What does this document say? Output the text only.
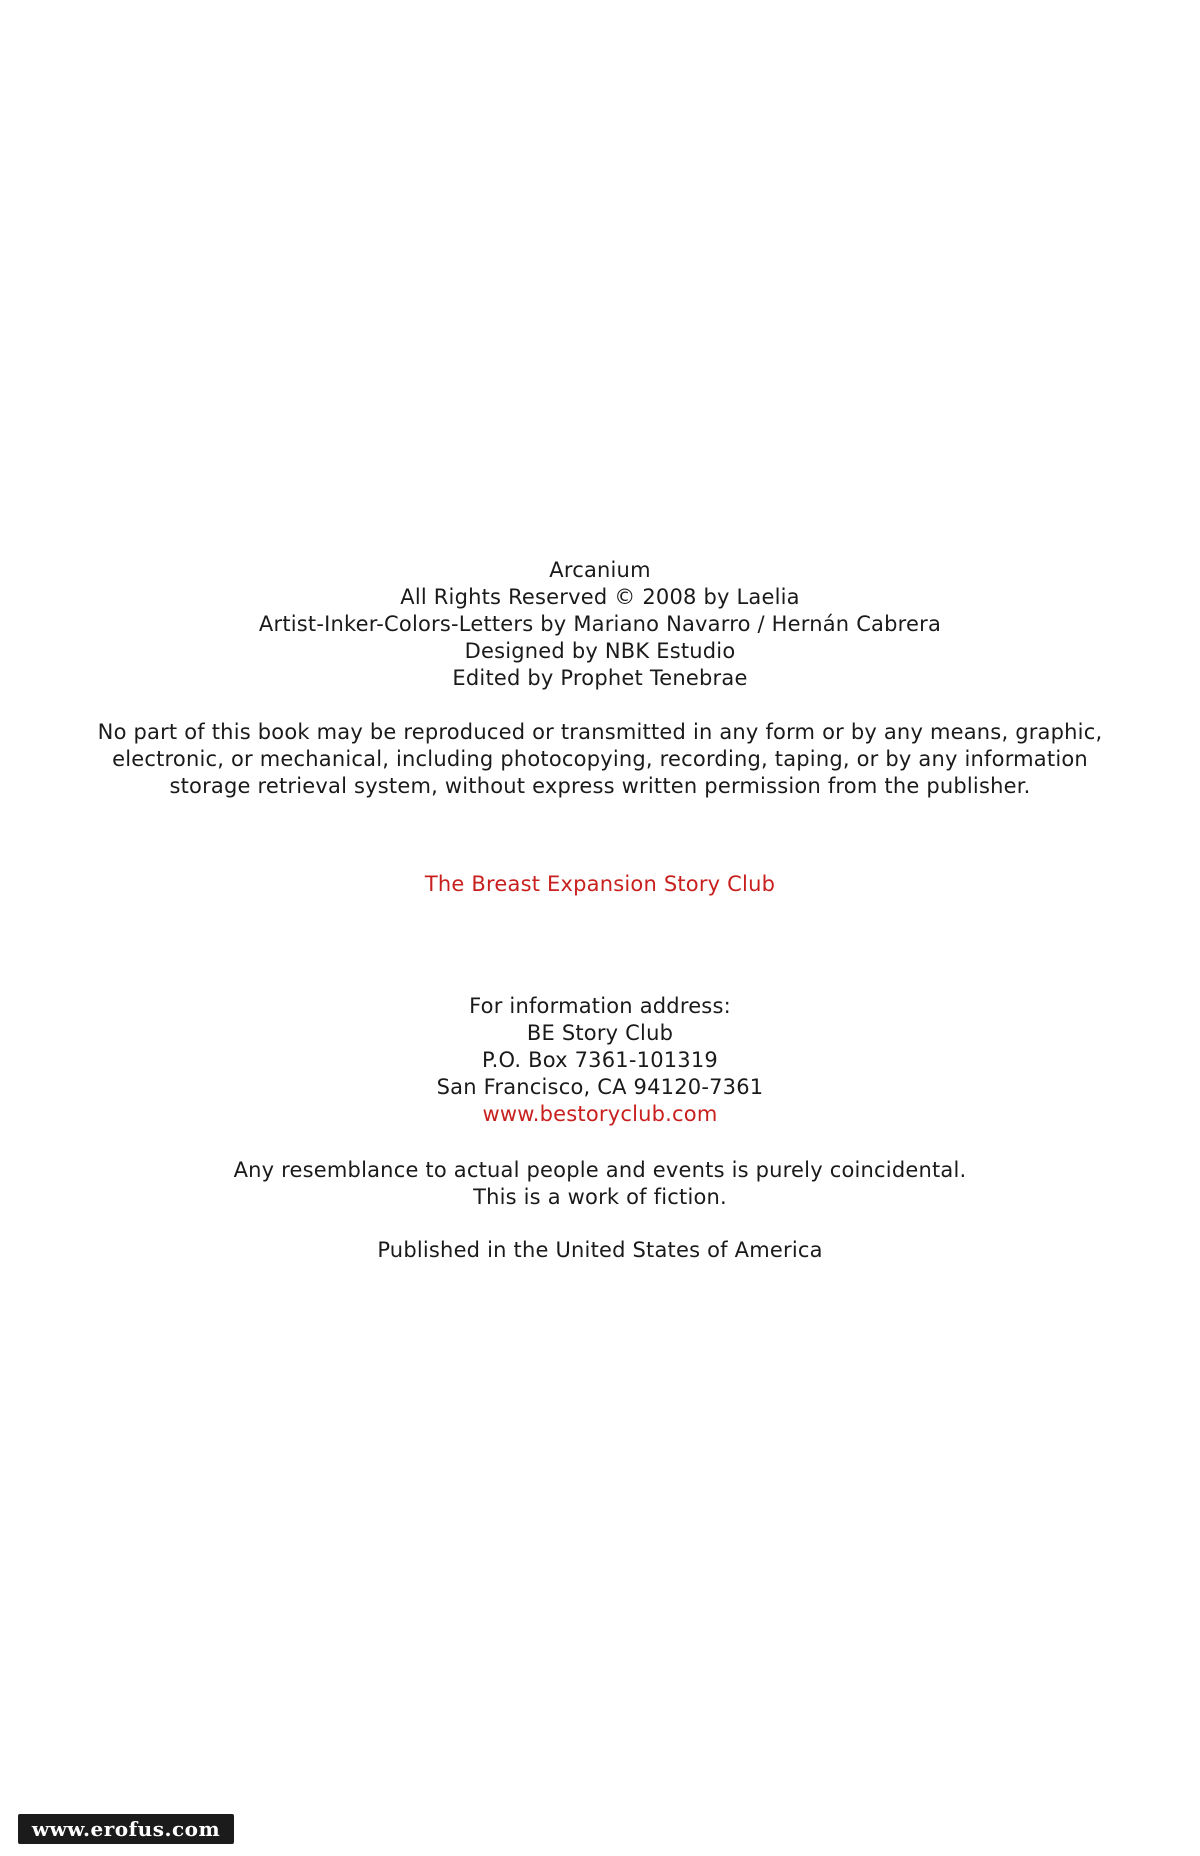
Arcanium
All Rights Reserved © 2008 by Laelia
Artist-Inker-Colors-Letters by Mariano Navarro / Hernán Cabrera
Designed by NBK Estudio
Edited by Prophet Tenebrae
No part of this book may be reproduced or transmitted in any form or by any means, graphic,
electronic, or mechanical, including photocopying, recording, taping, or by any information
storage retrieval system, without express written permission from the publisher.
The Breast Expansion Story Club
For information address:
BE Story Club
P.O. Box 7361-101319
San Francisco, CA 94120-7361
www.bestoryclub.com
Any resemblance to actual people and events is purely coincidental.
This is a work of fiction.
Published in the United States of America
www.erofus.com
